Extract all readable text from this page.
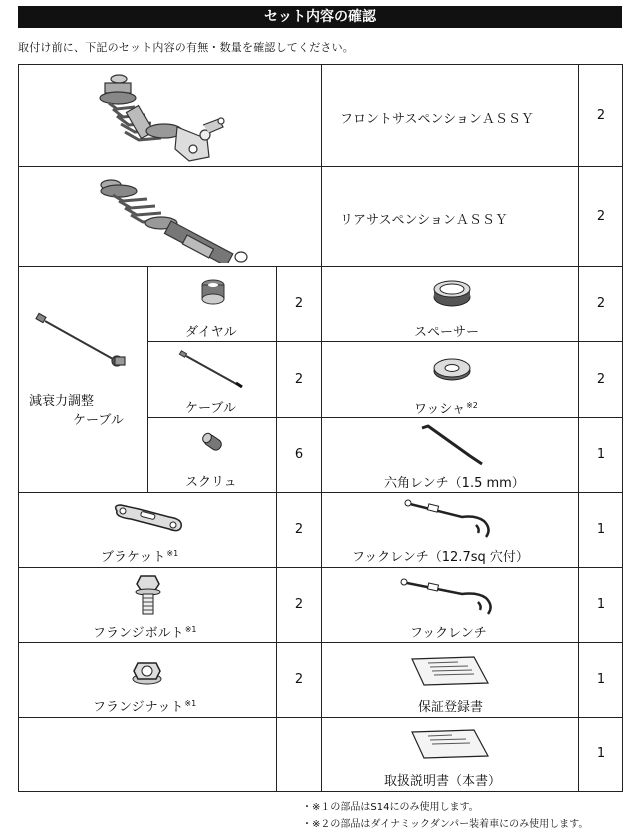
セット内容の確認
取付け前に、下記のセット内容の有無・数量を確認してください。
フロントサスペンションＡＳＳＹ	2
リアサスペンションＡＳＳＹ	2
減衰力調整
ケーブル
ダイヤル
2
スペーサー
2
ケーブル
2
ワッシャ$^{※2}$
2
スクリュ
6
六角レンチ（1.5 mm）
1
ブラケット$^{※1}$
2
フックレンチ（12.7sq 穴付）
1
フランジボルト$^{※1}$
2
フックレンチ
1
フランジナット$^{※1}$
2
保証登録書
1
取扱説明書（本書）
1
・※１の部品はS14にのみ使用します。
・※２の部品はダイナミックダンパー装着車にのみ使用します。
